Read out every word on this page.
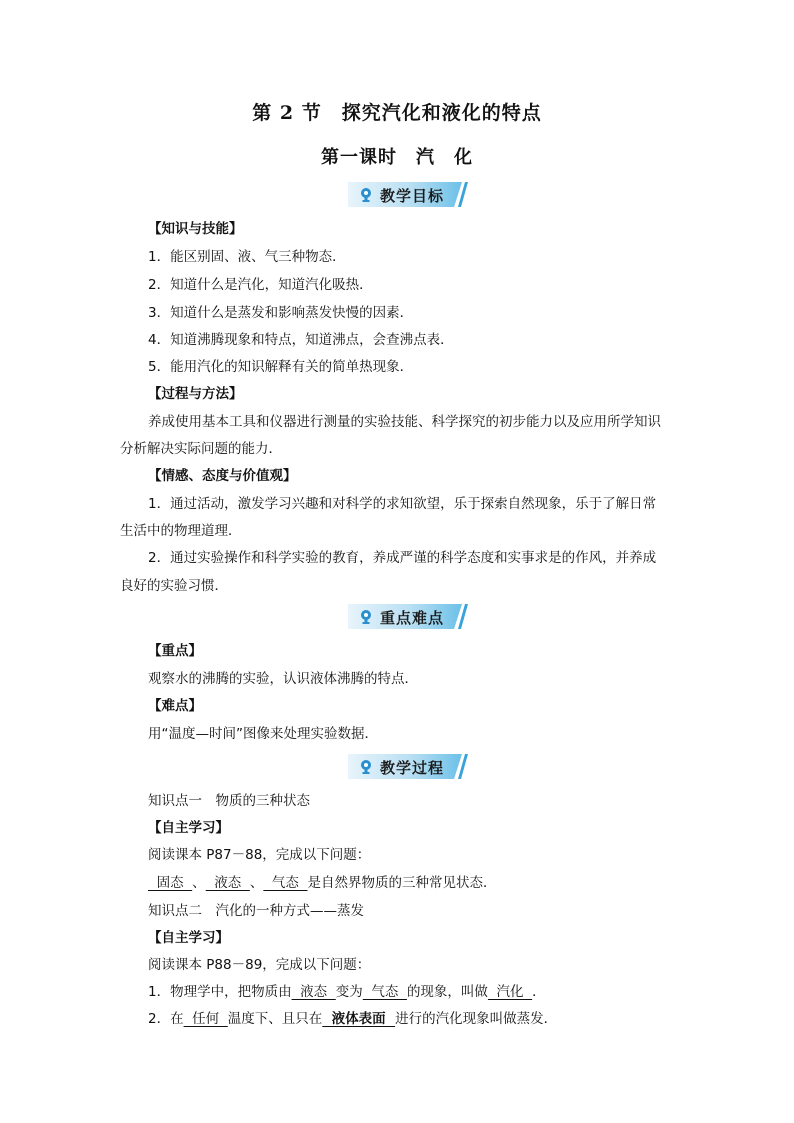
第 2 节　探究汽化和液化的特点
第一课时　汽　化
教学目标
【知识与技能】
1．能区别固、液、气三种物态．
2．知道什么是汽化，知道汽化吸热．
3．知道什么是蒸发和影响蒸发快慢的因素．
4．知道沸腾现象和特点，知道沸点，会查沸点表．
5．能用汽化的知识解释有关的简单热现象．
【过程与方法】
养成使用基本工具和仪器进行测量的实验技能、科学探究的初步能力以及应用所学知识
分析解决实际问题的能力．
【情感、态度与价值观】
1．通过活动，激发学习兴趣和对科学的求知欲望，乐于探索自然现象，乐于了解日常
生活中的物理道理．
2．通过实验操作和科学实验的教育，养成严谨的科学态度和实事求是的作风，并养成
良好的实验习惯．
重点难点
【重点】
观察水的沸腾的实验，认识液体沸腾的特点．
【难点】
用“温度—时间”图像来处理实验数据．
教学过程
知识点一　物质的三种状态
【自主学习】
阅读课本 P87－88，完成以下问题：
固态  、  液态  、  气态  是自然界物质的三种常见状态．
知识点二　汽化的一种方式——蒸发
【自主学习】
阅读课本 P88－89，完成以下问题：
1．物理学中，把物质由  液态  变为  气态  的现象，叫做  汽化  ．
2．在  任何  温度下、且只在  液体表面  进行的汽化现象叫做蒸发．
